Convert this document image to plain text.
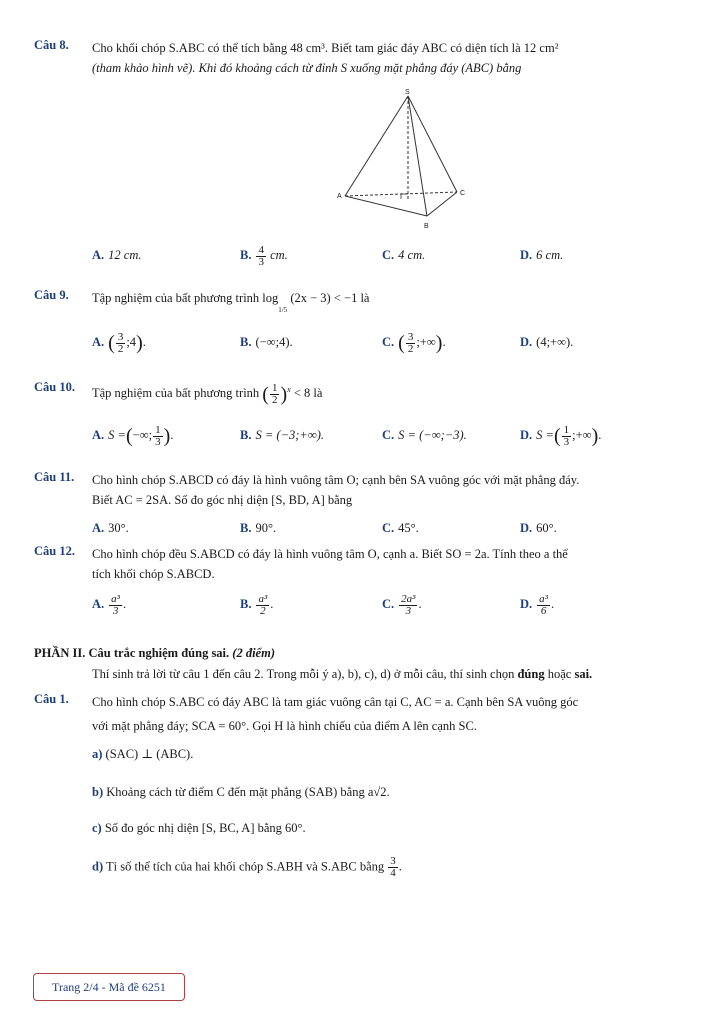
Câu 8. Cho khối chóp S.ABC có thể tích bằng 48 cm³. Biết tam giác đáy ABC có diện tích là 12 cm²
(tham khảo hình vẽ). Khi đó khoảng cách từ đỉnh S xuống mặt phẳng đáy (ABC) bằng
S
A
B
C
A. 12 cm.	B. $\frac{4}{3}$ cm.	C. 4 cm.	D. 6 cm.
Câu 9. Tập nghiệm của bất phương trình $\log_{1/5} (2x - 3) < -1$ là
A. ( $\frac{3}{2}$ ;4).	B. (−∞;4).	C. ( $\frac{3}{2}$ ;+∞).	D. (4;+∞).
Câu 10. Tập nghiệm của bất phương trình ( $\frac{1}{2} )^x < 8$ là
A. S =(−∞; $\frac{1}{3}$ ).	B. S = (−3;+∞).	C. S = (−∞;−3).	D. S =( $\frac{1}{3}$ ;+∞).
Câu 11. Cho hình chóp S.ABCD có đáy là hình vuông tâm O; cạnh bên SA vuông góc với mặt phẳng đáy.
Biết AC = 2SA. Số đo góc nhị diện [S, BD, A] bằng
A. 30°.	B. 90°.	C. 45°.	D. 60°.
Câu 12. Cho hình chóp đều S.ABCD có đáy là hình vuông tâm O, cạnh a. Biết SO = 2a. Tính theo a thể
tích khối chóp S.ABCD.
A. $\frac{\text{a³}}{3}$ .	B. $\frac{\text{a³}}{2}$ .	C. $\frac{\text{2a³}}{3}$ .	D. $\frac{\text{a³}}{6}$ .
PHẦN II. Câu trắc nghiệm đúng sai. (2 điểm)
Thí sinh trả lời từ câu 1 đến câu 2. Trong mỗi ý a), b), c), d) ở mỗi câu, thí sinh chọn đúng hoặc sai.
Câu 1. Cho hình chóp S.ABC có đáy ABC là tam giác vuông cân tại C, AC = a. Cạnh bên SA vuông góc
với mặt phẳng đáy; SCA = 60°. Gọi H là hình chiếu của điểm A lên cạnh SC.
a) (SAC) ⊥ (ABC).
b) Khoảng cách từ điểm C đến mặt phẳng (SAB) bằng a√2.
c) Số đo góc nhị diện [S, BC, A] bằng 60°.
d) Tỉ số thể tích của hai khối chóp S.ABH và S.ABC bằng $\frac{3}{4}$ .
Trang 2/4 - Mã đề 6251
